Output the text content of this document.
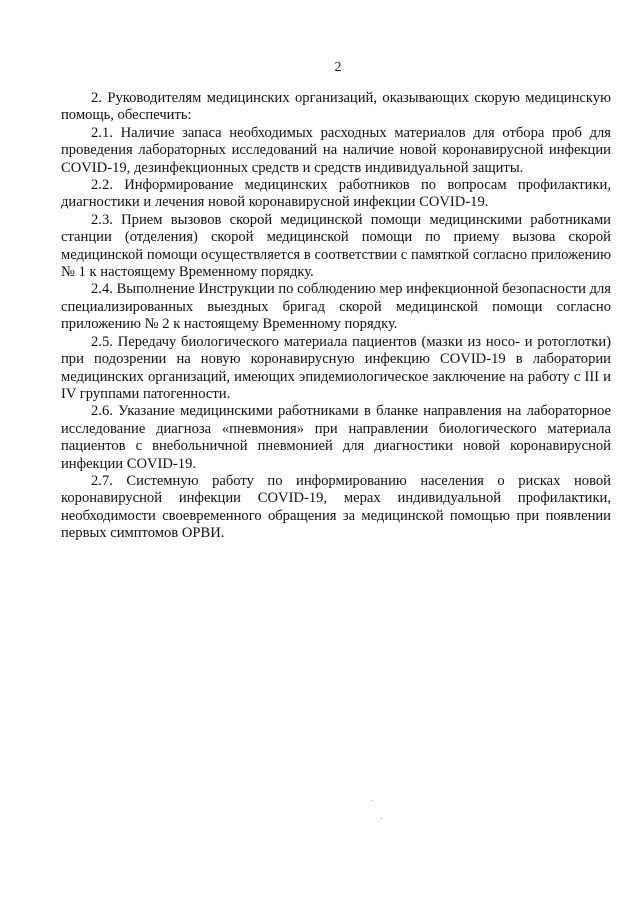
2

2. Руководителям медицинских организаций, оказывающих скорую медицинскую помощь, обеспечить:

2.1. Наличие запаса необходимых расходных материалов для отбора проб для проведения лабораторных исследований на наличие новой коронавирусной инфекции COVID-19, дезинфекционных средств и средств индивидуальной защиты.

2.2. Информирование медицинских работников по вопросам профилактики, диагностики и лечения новой коронавирусной инфекции COVID-19.

2.3. Прием вызовов скорой медицинской помощи медицинскими работниками станции (отделения) скорой медицинской помощи по приему вызова скорой медицинской помощи осуществляется в соответствии с памяткой согласно приложению № 1 к настоящему Временному порядку.

2.4. Выполнение Инструкции по соблюдению мер инфекционной безопасности для специализированных выездных бригад скорой медицинской помощи согласно приложению № 2 к настоящему Временному порядку.

2.5. Передачу биологического материала пациентов (мазки из носо- и ротоглотки) при подозрении на новую коронавирусную инфекцию COVID-19 в лаборатории медицинских организаций, имеющих эпидемиологическое заключение на работу с III и IV группами патогенности.

2.6. Указание медицинскими работниками в бланке направления на лабораторное исследование диагноза «пневмония» при направлении биологического материала пациентов с внебольничной пневмонией для диагностики новой коронавирусной инфекции COVID-19.

2.7. Системную работу по информированию населения о рисках новой коронавирусной инфекции COVID-19, мерах индивидуальной профилактики, необходимости своевременного обращения за медицинской помощью при появлении первых симптомов ОРВИ.
